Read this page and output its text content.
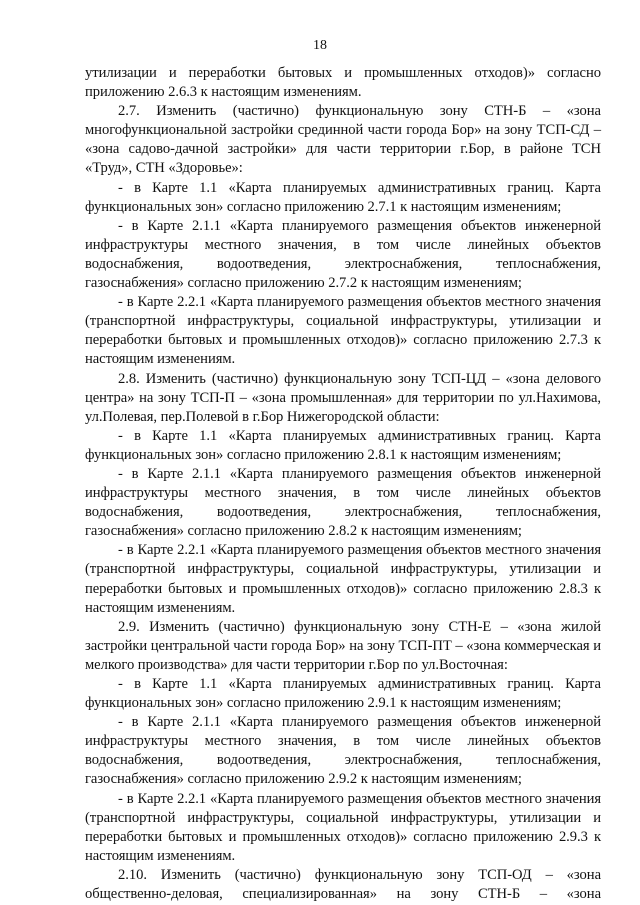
18

утилизации и переработки бытовых и промышленных отходов)» согласно приложению 2.6.3 к настоящим изменениям.

2.7. Изменить (частично) функциональную зону СТН-Б – «зона многофункциональной застройки срединной части города Бор» на зону ТСП-СД – «зона садово-дачной застройки» для части территории г.Бор, в районе ТСН «Труд», СТН «Здоровье»:

- в Карте 1.1 «Карта планируемых административных границ. Карта функциональных зон» согласно приложению 2.7.1 к настоящим изменениям;

- в Карте 2.1.1 «Карта планируемого размещения объектов инженерной инфраструктуры местного значения, в том числе линейных объектов водоснабжения, водоотведения, электроснабжения, теплоснабжения, газоснабжения» согласно приложению 2.7.2 к настоящим изменениям;

- в Карте 2.2.1 «Карта планируемого размещения объектов местного значения (транспортной инфраструктуры, социальной инфраструктуры, утилизации и переработки бытовых и промышленных отходов)» согласно приложению 2.7.3 к настоящим изменениям.

2.8. Изменить (частично) функциональную зону ТСП-ЦД – «зона делового центра» на зону ТСП-П – «зона промышленная» для территории по ул.Нахимова, ул.Полевая, пер.Полевой в г.Бор Нижегородской области:

- в Карте 1.1 «Карта планируемых административных границ. Карта функциональных зон» согласно приложению 2.8.1 к настоящим изменениям;

- в Карте 2.1.1 «Карта планируемого размещения объектов инженерной инфраструктуры местного значения, в том числе линейных объектов водоснабжения, водоотведения, электроснабжения, теплоснабжения, газоснабжения» согласно приложению 2.8.2 к настоящим изменениям;

- в Карте 2.2.1 «Карта планируемого размещения объектов местного значения (транспортной инфраструктуры, социальной инфраструктуры, утилизации и переработки бытовых и промышленных отходов)» согласно приложению 2.8.3 к настоящим изменениям.

2.9. Изменить (частично) функциональную зону СТН-Е – «зона жилой застройки центральной части города Бор» на зону ТСП-ПТ – «зона коммерческая и мелкого производства» для части территории г.Бор по ул.Восточная:

- в Карте 1.1 «Карта планируемых административных границ. Карта функциональных зон» согласно приложению 2.9.1 к настоящим изменениям;

- в Карте 2.1.1 «Карта планируемого размещения объектов инженерной инфраструктуры местного значения, в том числе линейных объектов водоснабжения, водоотведения, электроснабжения, теплоснабжения, газоснабжения» согласно приложению 2.9.2 к настоящим изменениям;

- в Карте 2.2.1 «Карта планируемого размещения объектов местного значения (транспортной инфраструктуры, социальной инфраструктуры, утилизации и переработки бытовых и промышленных отходов)» согласно приложению 2.9.3 к настоящим изменениям.

2.10. Изменить (частично) функциональную зону ТСП-ОД – «зона общественно-деловая, специализированная» на зону СТН-Б – «зона
